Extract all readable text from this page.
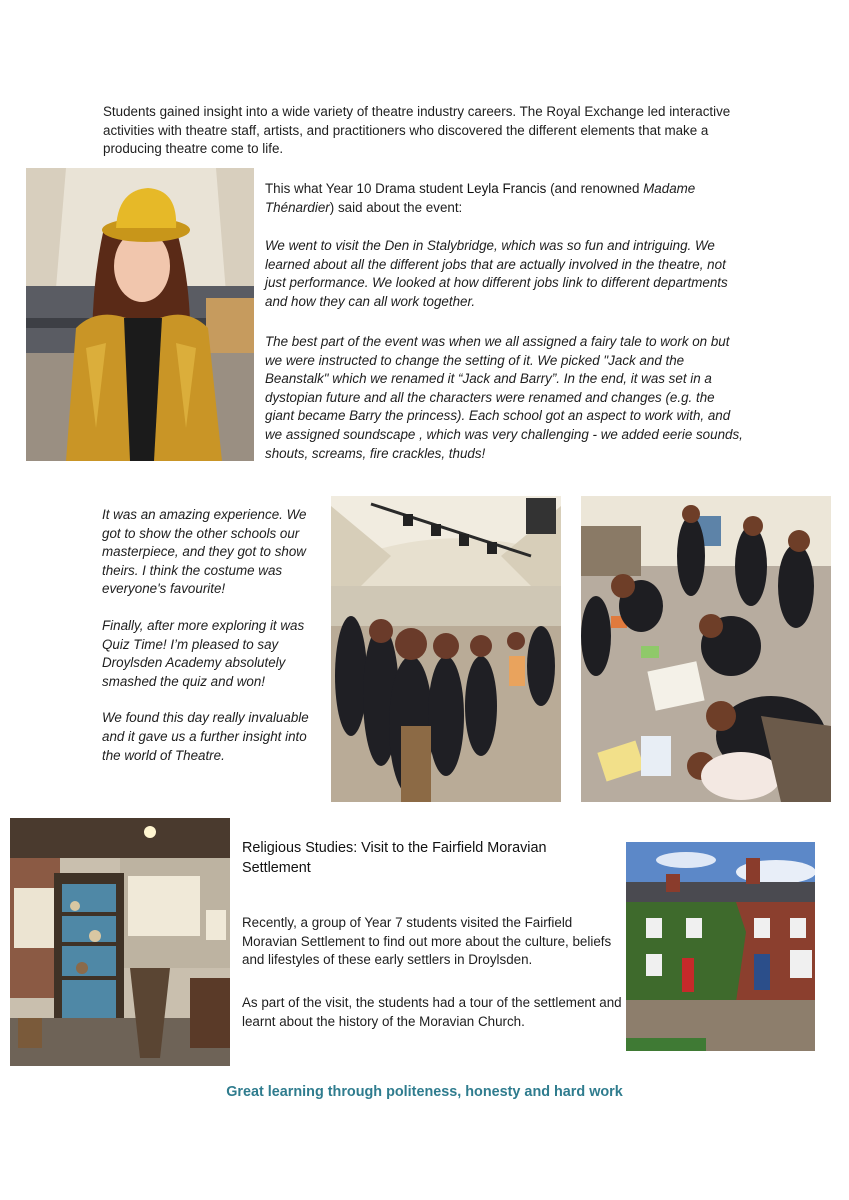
Students gained insight into a wide variety of theatre industry careers. The Royal Exchange led interactive activities with theatre staff, artists, and practitioners who discovered the different elements that make a producing theatre come to life.

This what Year 10 Drama student Leyla Francis (and renowned Madame Thénardier) said about the event:

We went to visit the Den in Stalybridge, which was so fun and intriguing. We learned about all the different jobs that are actually involved in the theatre, not just performance. We looked at how different jobs link to different departments and how they can all work together.

The best part of the event was when we all assigned a fairy tale to work on but we were instructed to change the setting of it. We picked "Jack and the Beanstalk" which we renamed it “Jack and Barry”. In the end, it was set in a dystopian future and all the characters were renamed and changes (e.g. the giant became Barry the princess). Each school got an aspect to work with, and we assigned soundscape , which was very challenging - we added eerie sounds, shouts, screams, fire crackles, thuds!

It was an amazing experience. We got to show the other schools our masterpiece, and they got to show theirs. I think the costume was everyone's favourite!

Finally, after more exploring it was Quiz Time! I’m pleased to say Droylsden Academy absolutely smashed the quiz and won!

We found this day really invaluable and it gave us a further insight into the world of Theatre.

Religious Studies: Visit to the Fairfield Moravian Settlement

Recently, a group of Year 7 students visited the Fairfield Moravian Settlement to find out more about the culture, beliefs and lifestyles of these early settlers in Droylsden.

As part of the visit, the students had a tour of the settlement and learnt about the history of the Moravian Church.

Great learning through politeness, honesty and hard work
